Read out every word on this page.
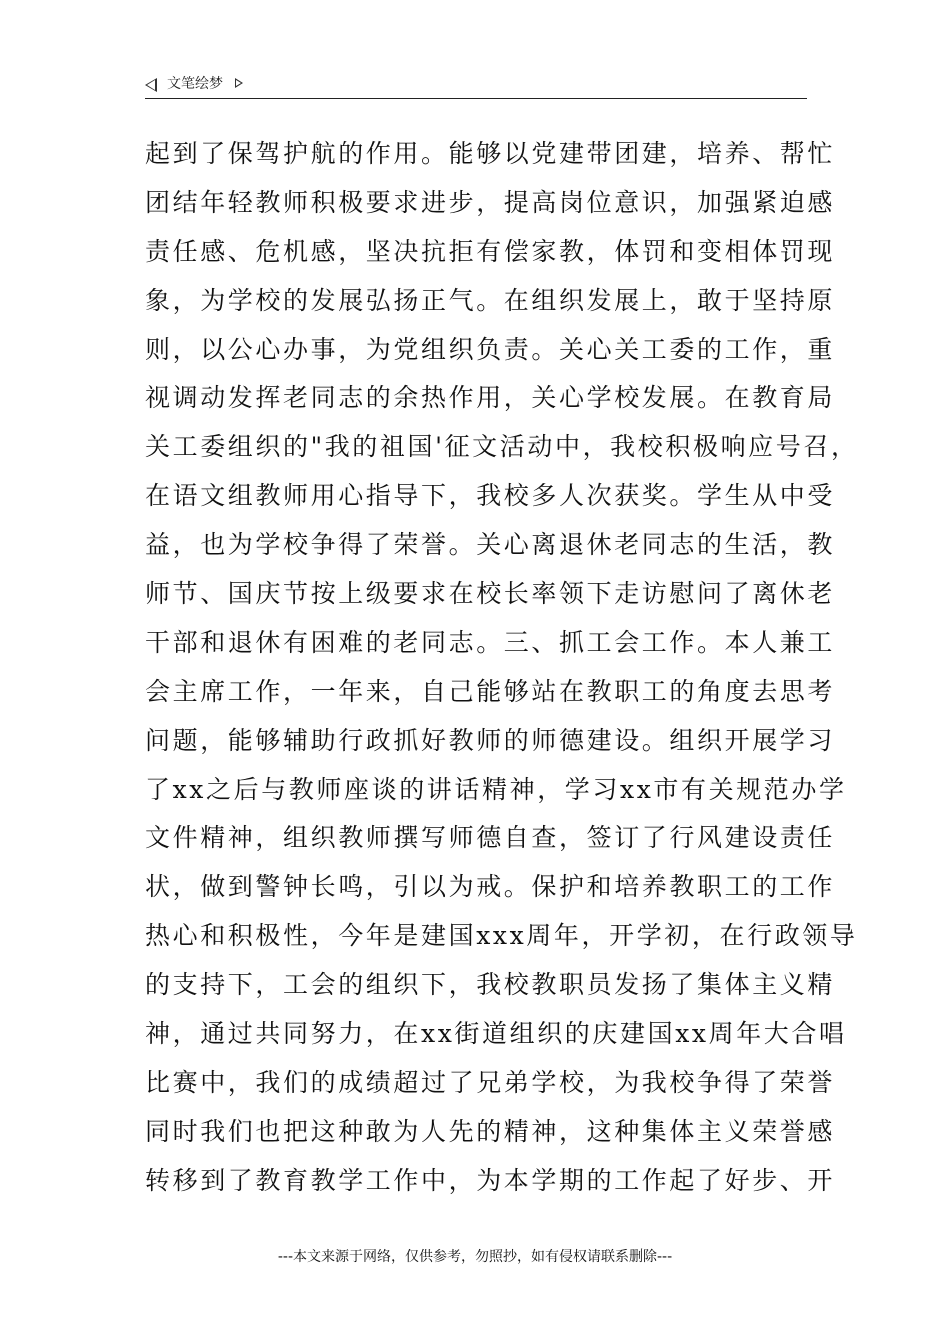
文笔绘梦
起到了保驾护航的作用。能够以党建带团建，培养、帮忙
团结年轻教师积极要求进步，提高岗位意识，加强紧迫感
责任感、危机感，坚决抗拒有偿家教，体罚和变相体罚现
象，为学校的发展弘扬正气。在组织发展上，敢于坚持原
则，以公心办事，为党组织负责。关心关工委的工作，重
视调动发挥老同志的余热作用，关心学校发展。在教育局
关工委组织的"我的祖国'征文活动中，我校积极响应号召，
在语文组教师用心指导下，我校多人次获奖。学生从中受
益，也为学校争得了荣誉。关心离退休老同志的生活，教
师节、国庆节按上级要求在校长率领下走访慰问了离休老
干部和退休有困难的老同志。三、抓工会工作。本人兼工
会主席工作，一年来，自己能够站在教职工的角度去思考
问题，能够辅助行政抓好教师的师德建设。组织开展学习
了xx之后与教师座谈的讲话精神，学习xx市有关规范办学
文件精神，组织教师撰写师德自查，签订了行风建设责任
状，做到警钟长鸣，引以为戒。保护和培养教职工的工作
热心和积极性，今年是建国xxx周年，开学初，在行政领导
的支持下，工会的组织下，我校教职员发扬了集体主义精
神，通过共同努力，在xx街道组织的庆建国xx周年大合唱
比赛中，我们的成绩超过了兄弟学校，为我校争得了荣誉
同时我们也把这种敢为人先的精神，这种集体主义荣誉感
转移到了教育教学工作中，为本学期的工作起了好步、开
---本文来源于网络，仅供参考，勿照抄，如有侵权请联系删除---
